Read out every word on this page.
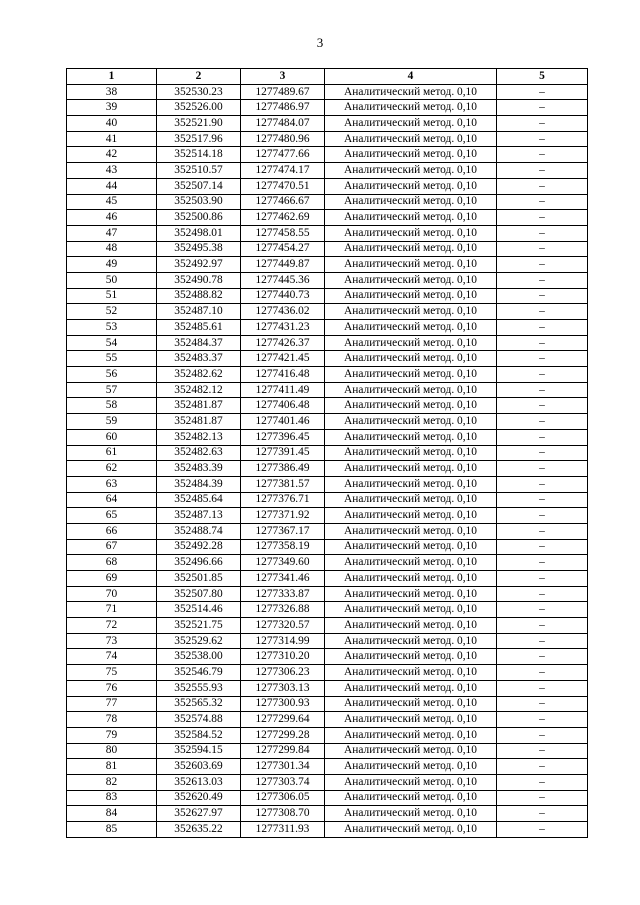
3
1	2	3	4	5
38	352530.23	1277489.67	Аналитический метод. 0,10	–
39	352526.00	1277486.97	Аналитический метод. 0,10	–
40	352521.90	1277484.07	Аналитический метод. 0,10	–
41	352517.96	1277480.96	Аналитический метод. 0,10	–
42	352514.18	1277477.66	Аналитический метод. 0,10	–
43	352510.57	1277474.17	Аналитический метод. 0,10	–
44	352507.14	1277470.51	Аналитический метод. 0,10	–
45	352503.90	1277466.67	Аналитический метод. 0,10	–
46	352500.86	1277462.69	Аналитический метод. 0,10	–
47	352498.01	1277458.55	Аналитический метод. 0,10	–
48	352495.38	1277454.27	Аналитический метод. 0,10	–
49	352492.97	1277449.87	Аналитический метод. 0,10	–
50	352490.78	1277445.36	Аналитический метод. 0,10	–
51	352488.82	1277440.73	Аналитический метод. 0,10	–
52	352487.10	1277436.02	Аналитический метод. 0,10	–
53	352485.61	1277431.23	Аналитический метод. 0,10	–
54	352484.37	1277426.37	Аналитический метод. 0,10	–
55	352483.37	1277421.45	Аналитический метод. 0,10	–
56	352482.62	1277416.48	Аналитический метод. 0,10	–
57	352482.12	1277411.49	Аналитический метод. 0,10	–
58	352481.87	1277406.48	Аналитический метод. 0,10	–
59	352481.87	1277401.46	Аналитический метод. 0,10	–
60	352482.13	1277396.45	Аналитический метод. 0,10	–
61	352482.63	1277391.45	Аналитический метод. 0,10	–
62	352483.39	1277386.49	Аналитический метод. 0,10	–
63	352484.39	1277381.57	Аналитический метод. 0,10	–
64	352485.64	1277376.71	Аналитический метод. 0,10	–
65	352487.13	1277371.92	Аналитический метод. 0,10	–
66	352488.74	1277367.17	Аналитический метод. 0,10	–
67	352492.28	1277358.19	Аналитический метод. 0,10	–
68	352496.66	1277349.60	Аналитический метод. 0,10	–
69	352501.85	1277341.46	Аналитический метод. 0,10	–
70	352507.80	1277333.87	Аналитический метод. 0,10	–
71	352514.46	1277326.88	Аналитический метод. 0,10	–
72	352521.75	1277320.57	Аналитический метод. 0,10	–
73	352529.62	1277314.99	Аналитический метод. 0,10	–
74	352538.00	1277310.20	Аналитический метод. 0,10	–
75	352546.79	1277306.23	Аналитический метод. 0,10	–
76	352555.93	1277303.13	Аналитический метод. 0,10	–
77	352565.32	1277300.93	Аналитический метод. 0,10	–
78	352574.88	1277299.64	Аналитический метод. 0,10	–
79	352584.52	1277299.28	Аналитический метод. 0,10	–
80	352594.15	1277299.84	Аналитический метод. 0,10	–
81	352603.69	1277301.34	Аналитический метод. 0,10	–
82	352613.03	1277303.74	Аналитический метод. 0,10	–
83	352620.49	1277306.05	Аналитический метод. 0,10	–
84	352627.97	1277308.70	Аналитический метод. 0,10	–
85	352635.22	1277311.93	Аналитический метод. 0,10	–
